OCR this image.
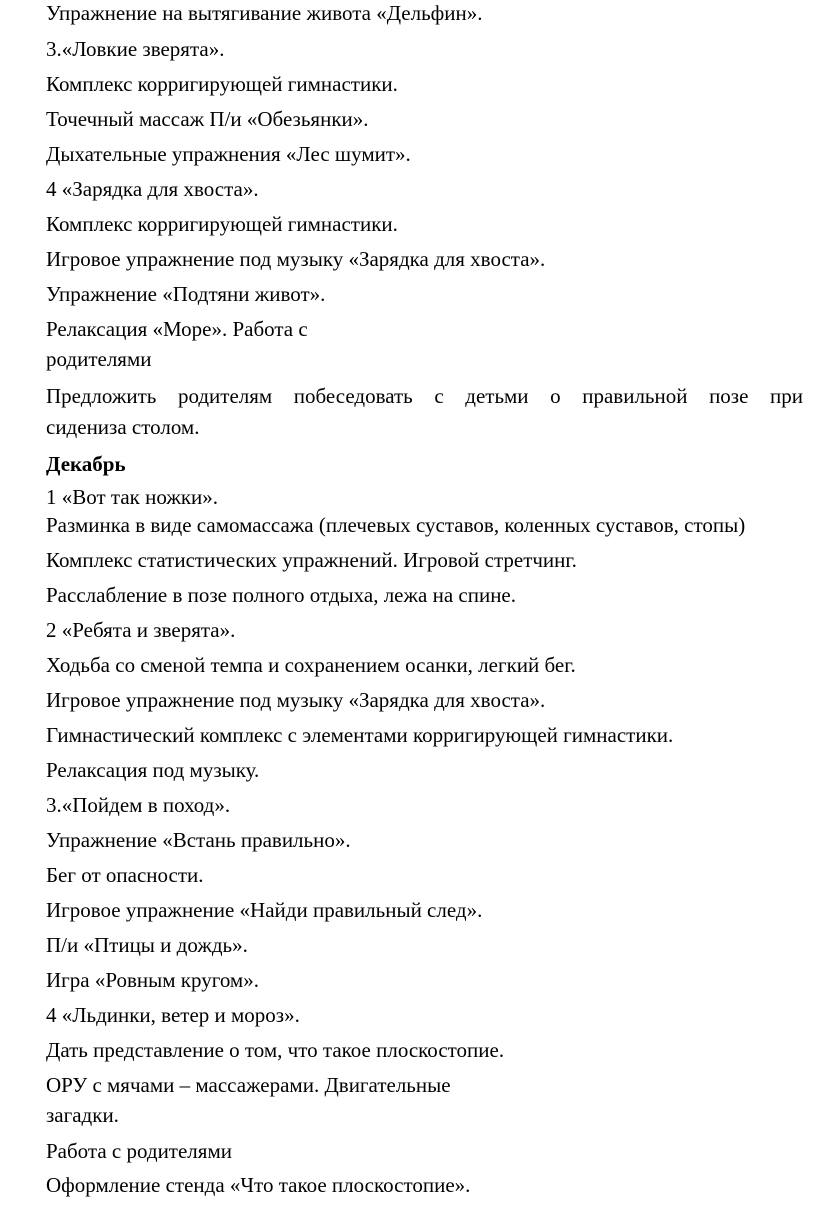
Упражнение на вытягивание живота «Дельфин».
3.«Ловкие зверята».
Комплекс корригирующей гимнастики.
Точечный массаж П/и «Обезьянки».
Дыхательные упражнения «Лес шумит».
4 «Зарядка для хвоста».
Комплекс корригирующей гимнастики.
Игровое упражнение под музыку «Зарядка для хвоста».
Упражнение «Подтяни живот».
Релаксация «Море». Работа с
родителями
Предложить родителям побеседовать с детьми о правильной позе при
сидениза столом.
Декабрь
1 «Вот так ножки».
Разминка в виде самомассажа (плечевых суставов, коленных суставов, стопы)
Комплекс статистических упражнений. Игровой стретчинг.
Расслабление в позе полного отдыха, лежа на спине.
2 «Ребята и зверята».
Ходьба со сменой темпа и сохранением осанки, легкий бег.
Игровое упражнение под музыку «Зарядка для хвоста».
Гимнастический комплекс с элементами корригирующей гимнастики.
Релаксация под музыку.
3.«Пойдем в поход».
Упражнение «Встань правильно».
Бег от опасности.
Игровое упражнение «Найди правильный след».
П/и «Птицы и дождь».
Игра «Ровным кругом».
4 «Льдинки, ветер и мороз».
Дать представление о том, что такое плоскостопие.
ОРУ с мячами – массажерами. Двигательные
загадки.
Работа с родителями
Оформление стенда «Что такое плоскостопие».
